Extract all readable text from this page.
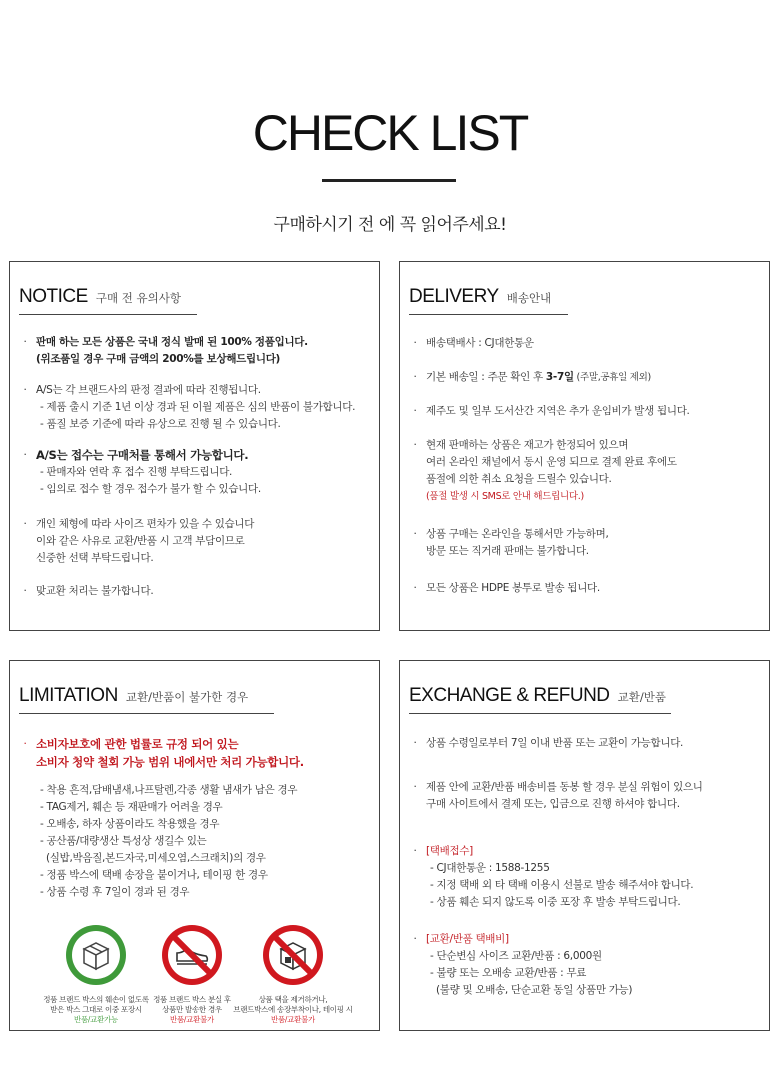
CHECK LIST
구매하시기 전 에 꼭 읽어주세요!
NOTICE 구매 전 유의사항
· 판매 하는 모든 상품은 국내 정식 발매 된 100% 정품입니다.
(위조품일 경우 구매 금액의 200%를 보상해드립니다)
· A/S는 각 브랜드사의 판정 결과에 따라 진행됩니다.
- 제품 출시 기준 1년 이상 경과 된 이월 제품은 심의 반품이 불가합니다.
- 품질 보증 기준에 따라 유상으로 진행 될 수 있습니다.
· A/S는 접수는 구매처를 통해서 가능합니다.
- 판매자와 연락 후 접수 진행 부탁드립니다.
- 임의로 접수 할 경우 접수가 불가 할 수 있습니다.
· 개인 체형에 따라 사이즈 편차가 있을 수 있습니다
이와 같은 사유로 교환/반품 시 고객 부담이므로
신중한 선택 부탁드립니다.
· 맞교환 처리는 불가합니다.
DELIVERY 배송안내
· 배송택배사 : CJ대한통운
· 기본 배송일 : 주문 확인 후 3-7일 (주말,공휴일 제외)
· 제주도 및 일부 도서산간 지역은 추가 운임비가 발생 됩니다.
· 현재 판매하는 상품은 재고가 한정되어 있으며
여러 온라인 채널에서 동시 운영 되므로 결제 완료 후에도
품절에 의한 취소 요청을 드릴수 있습니다.
(품절 발생 시 SMS로 안내 해드립니다.)
· 상품 구매는 온라인을 통해서만 가능하며,
방문 또는 직거래 판매는 불가합니다.
· 모든 상품은 HDPE 봉투로 발송 됩니다.
LIMITATION 교환/반품이 불가한 경우
· 소비자보호에 관한 법률로 규정 되어 있는
소비자 청약 철회 가능 범위 내에서만 처리 가능합니다.
- 착용 흔적,담배냄새,나프탈렌,각종 생활 냄새가 남은 경우
- TAG제거, 훼손 등 재판매가 어려울 경우
- 오배송, 하자 상품이라도 착용했을 경우
- 공산품/대량생산 특성상 생길수 있는
(실밥,박음질,본드자국,미세오염,스크래치)의 경우
- 정품 박스에 택배 송장을 붙이거나, 테이핑 한 경우
- 상품 수령 후 7일이 경과 된 경우
정품 브랜드 박스의 훼손이 없도록
받은 박스 그대로 이중 포장시
반품/교환가능
정품 브랜드 박스 분실 후
상품만 발송한 경우
반품/교환불가
상품 택을 제거하거나,
브랜드박스에 송장부착이나, 테이핑 시
반품/교환불가
EXCHANGE & REFUND 교환/반품
· 상품 수령일로부터 7일 이내 반품 또는 교환이 가능합니다.
· 제품 안에 교환/반품 배송비를 동봉 할 경우 분실 위험이 있으니
구매 사이트에서 결제 또는, 입금으로 진행 하셔야 합니다.
· [택배접수]
- CJ대한통운 : 1588-1255
- 지정 택배 외 타 택배 이용시 선불로 발송 해주셔야 합니다.
- 상품 훼손 되지 않도록 이중 포장 후 발송 부탁드립니다.
· [교환/반품 택배비]
- 단순변심 사이즈 교환/반품 : 6,000원
- 불량 또는 오배송 교환/반품 : 무료
(불량 및 오배송, 단순교환 동일 상품만 가능)
